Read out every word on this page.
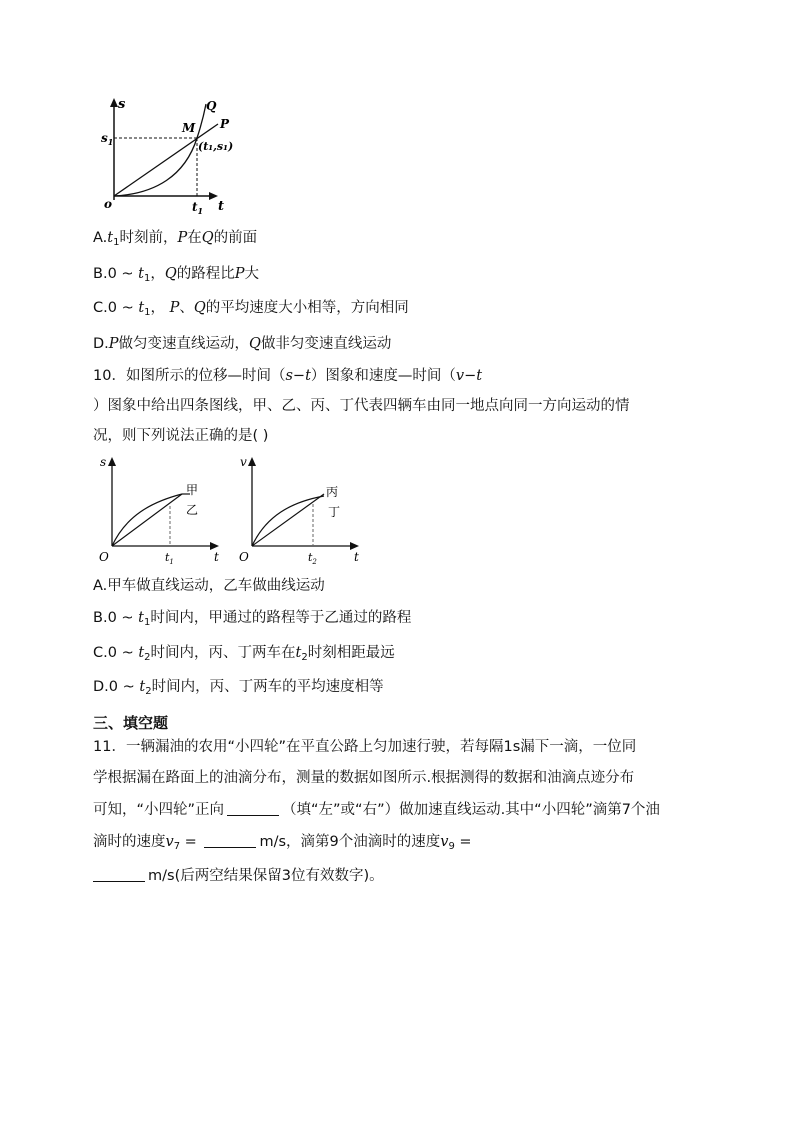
s
t
o
Q
P
M
$s_1$
$t_1$
(t₁,s₁)
$A.t_1$时刻前，P在Q的前面
B.0 ~ $t_1$，Q的路程比P大
C.0 ~ $t_1$， P、Q的平均速度大小相等，方向相同
D.P做匀变速直线运动，Q做非匀变速直线运动
10．如图所示的位移—时间（s−t）图象和速度—时间（v−t
）图象中给出四条图线，甲、乙、丙、丁代表四辆车由同一地点向同一方向运动的情
况，则下列说法正确的是( )
s
t
O	$t_1$
甲
乙
v
t
O	$t_2$
丙
丁
A.甲车做直线运动，乙车做曲线运动
B.0 ~ $t_1$时间内，甲通过的路程等于乙通过的路程
C.0 ~ $t_2$时间内，丙、丁两车在$t_2$时刻相距最远
D.0 ~ $t_2$时间内，丙、丁两车的平均速度相等
三、填空题
11．一辆漏油的农用“小四轮”在平直公路上匀加速行驶，若每隔1s漏下一滴，一位同
学根据漏在路面上的油滴分布，测量的数据如图所示.根据测得的数据和油滴点迹分布
可知，“小四轮”正向	（填“左”或“右”）做加速直线运动.其中“小四轮”滴第7个油
滴时的速度$v_7$ =	m/s，滴第9个油滴时的速度$v_9$ =
m/s(后两空结果保留3位有效数字)。
